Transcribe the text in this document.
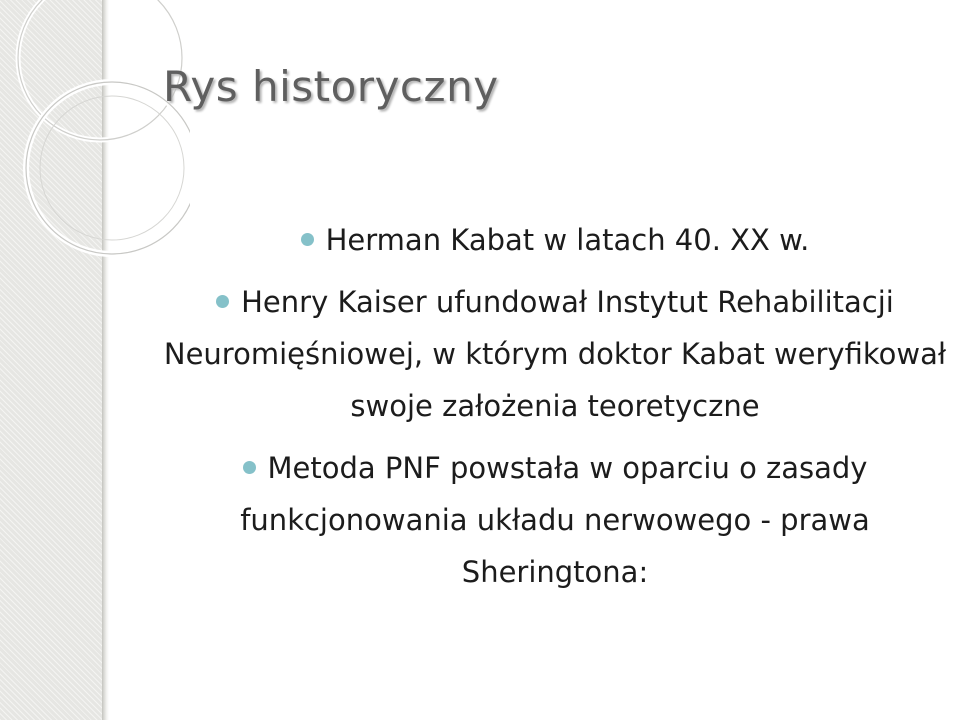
Rys historyczny
Herman Kabat w latach 40. XX w.
Henry Kaiser ufundował Instytut Rehabilitacji Neuromięśniowej, w którym doktor Kabat weryfikował swoje założenia teoretyczne
Metoda PNF powstała w oparciu o zasady funkcjonowania układu nerwowego - prawa Sheringtona:
